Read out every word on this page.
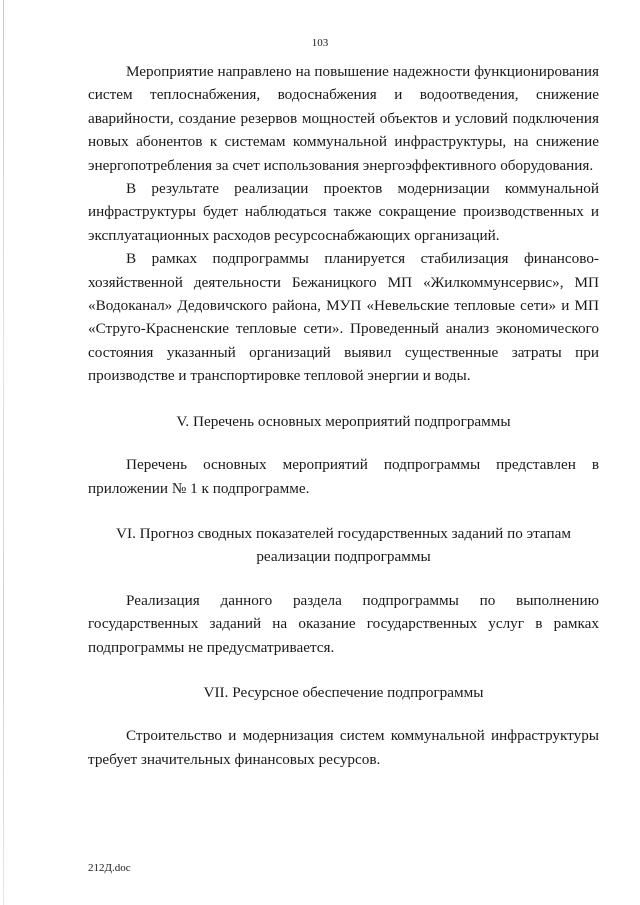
103

Мероприятие направлено на повышение надежности функционирования систем теплоснабжения, водоснабжения и водоотведения, снижение аварийности, создание резервов мощностей объектов и условий подключения новых абонентов к системам коммунальной инфраструктуры, на снижение энергопотребления за счет использования энергоэффективного оборудования.

В результате реализации проектов модернизации коммунальной инфраструктуры будет наблюдаться также сокращение производственных и эксплуатационных расходов ресурсоснабжающих организаций.

В рамках подпрограммы планируется стабилизация финансово-хозяйственной деятельности Бежаницкого МП «Жилкоммунсервис», МП «Водоканал» Дедовичского района, МУП «Невельские тепловые сети» и МП «Струго-Красненские тепловые сети». Проведенный анализ экономического состояния указанный организаций выявил существенные затраты при производстве и транспортировке тепловой энергии и воды.

V. Перечень основных мероприятий подпрограммы

Перечень основных мероприятий подпрограммы представлен в приложении № 1 к подпрограмме.

VI. Прогноз сводных показателей государственных заданий по этапам

реализации подпрограммы

Реализация данного раздела подпрограммы по выполнению государственных заданий на оказание государственных услуг в рамках подпрограммы не предусматривается.

VII. Ресурсное обеспечение подпрограммы

Строительство и модернизация систем коммунальной инфраструктуры требует значительных финансовых ресурсов.

212Д.doc
